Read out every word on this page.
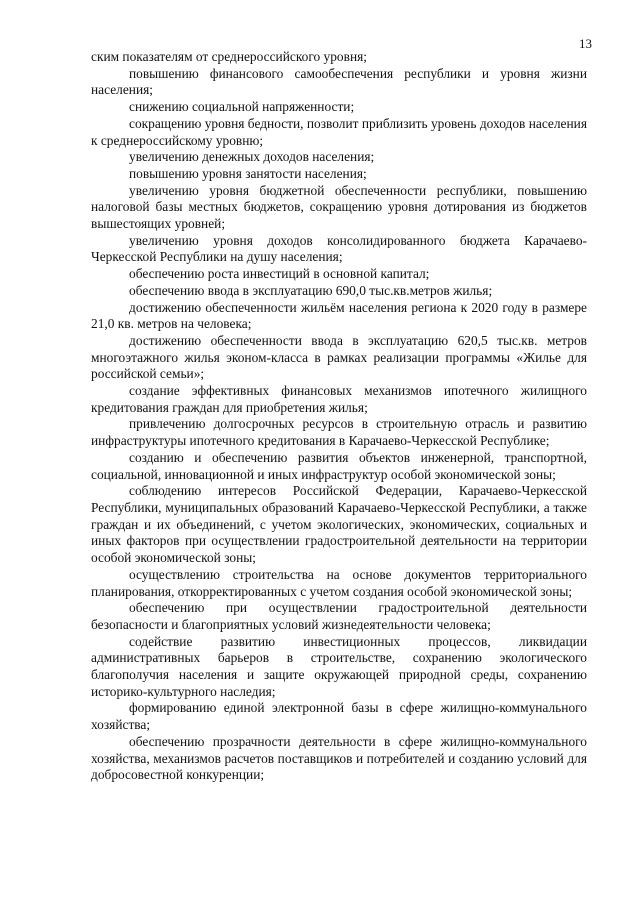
13

ским показателям от среднероссийского уровня;

повышению финансового самообеспечения республики и уровня жизни населения;

снижению социальной напряженности;

сокращению уровня бедности, позволит приблизить уровень доходов населения к среднероссийскому уровню;

увеличению денежных доходов населения;

повышению уровня занятости населения;

увеличению уровня бюджетной обеспеченности республики, повышению налоговой базы местных бюджетов, сокращению уровня дотирования из бюджетов вышестоящих уровней;

увеличению уровня доходов консолидированного бюджета Карачаево-Черкесской Республики на душу населения;

обеспечению роста инвестиций в основной капитал;

обеспечению ввода в эксплуатацию 690,0 тыс.кв.метров жилья;

достижению обеспеченности жильём населения региона к 2020 году в размере 21,0 кв. метров на человека;

достижению обеспеченности ввода в эксплуатацию 620,5 тыс.кв. метров многоэтажного жилья эконом-класса в рамках реализации программы «Жилье для российской семьи»;

создание эффективных финансовых механизмов ипотечного жилищного кредитования граждан для приобретения жилья;

привлечению долгосрочных ресурсов в строительную отрасль и развитию инфраструктуры ипотечного кредитования в Карачаево-Черкесской Республике;

созданию и обеспечению развития объектов инженерной, транспортной, социальной, инновационной и иных инфраструктур особой экономической зоны;

соблюдению интересов Российской Федерации, Карачаево-Черкесской Республики, муниципальных образований Карачаево-Черкесской Республики, а также граждан и их объединений, с учетом экологических, экономических, социальных и иных факторов при осуществлении градостроительной деятельности на территории особой экономической зоны;

осуществлению строительства на основе документов территориального планирования, откорректированных с учетом создания особой экономической зоны;

обеспечению при осуществлении градостроительной деятельности безопасности и благоприятных условий жизнедеятельности человека;

содействие развитию инвестиционных процессов, ликвидации административных барьеров в строительстве, сохранению экологического благополучия населения и защите окружающей природной среды, сохранению историко-культурного наследия;

формированию единой электронной базы в сфере жилищно-коммунального хозяйства;

обеспечению прозрачности деятельности в сфере жилищно-коммунального хозяйства, механизмов расчетов поставщиков и потребителей и созданию условий для добросовестной конкуренции;
